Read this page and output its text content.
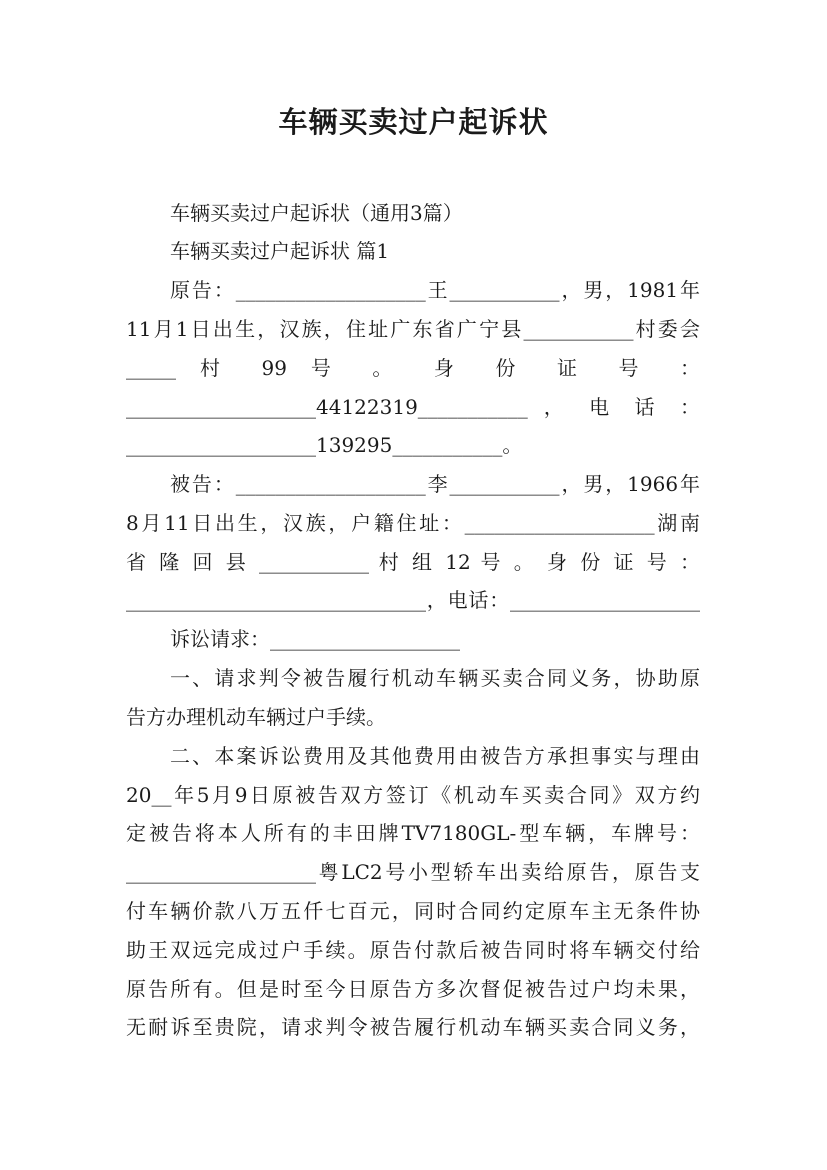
车辆买卖过户起诉状
车辆买卖过户起诉状（通用3篇）
车辆买卖过户起诉状 篇1
原告：___________________王___________，男，1981年
11月1日出生，汉族，住址广东省广宁县___________村委会
_____ 村 99 号 。 身 份 证 号 ：
___________________44122319___________ ， 电 话 ：
___________________139295___________。
被告：___________________李___________，男，1966年
8月11日出生，汉族，户籍住址：___________________湖南
省 隆 回 县 ___________ 村 组 12 号 。 身 份 证 号 ：
______________________________，电话：___________________
诉讼请求：___________________
一、请求判令被告履行机动车辆买卖合同义务，协助原
告方办理机动车辆过户手续。
二、本案诉讼费用及其他费用由被告方承担事实与理由
20__年5月9日原被告双方签订《机动车买卖合同》双方约
定被告将本人所有的丰田牌TV7180GL-型车辆，车牌号：
___________________粤LC2号小型轿车出卖给原告，原告支
付车辆价款八万五仟七百元，同时合同约定原车主无条件协
助王双远完成过户手续。原告付款后被告同时将车辆交付给
原告所有。但是时至今日原告方多次督促被告过户均未果，
无耐诉至贵院，请求判令被告履行机动车辆买卖合同义务，
